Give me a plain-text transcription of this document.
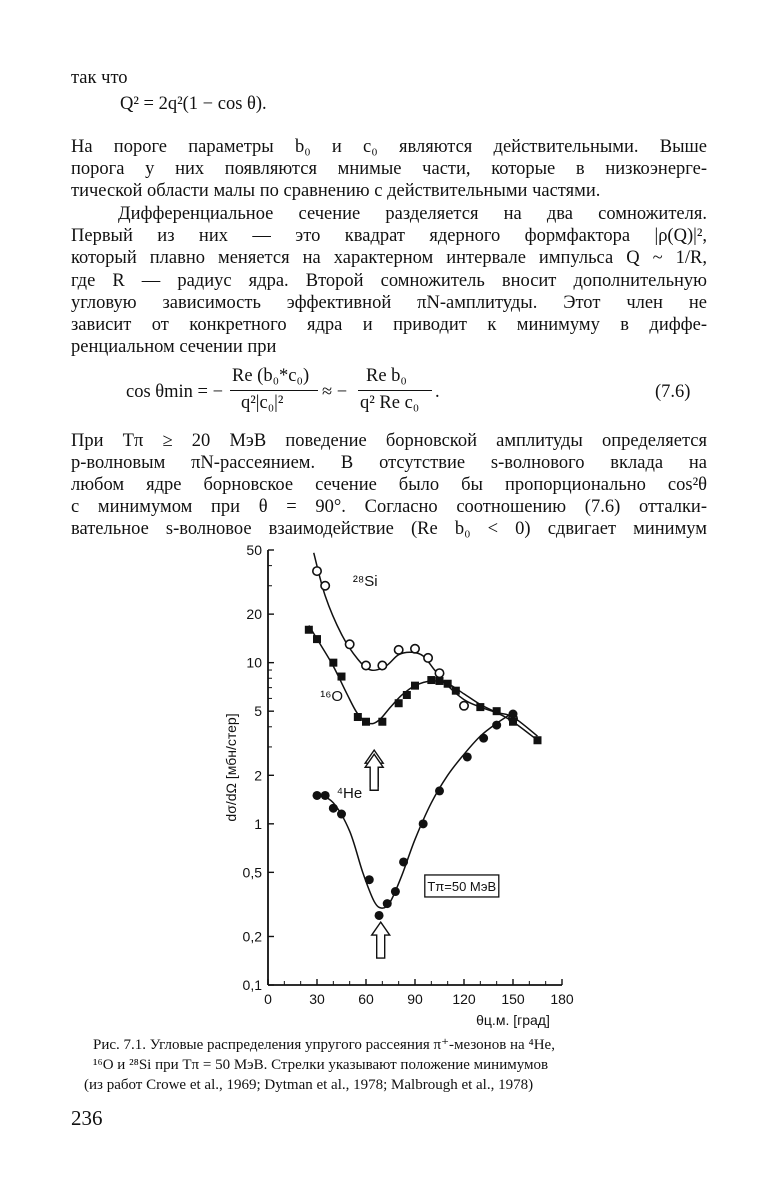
так что
Q² = 2q²(1 − cos θ).
На пороге параметры b₀ и c₀ являются действительными. Выше
порога у них появляются мнимые части, которые в низкоэнерге-
тической области малы по сравнению с действительными частями.
Дифференциальное сечение разделяется на два сомножителя.
Первый из них — это квадрат ядерного формфактора |ρ(Q)|²,
который плавно меняется на характерном интервале импульса Q ~ 1/R,
где R — радиус ядра. Второй сомножитель вносит дополнительную
угловую зависимость эффективной πN-амплитуды. Этот член не
зависит от конкретного ядра и приводит к минимуму в диффе-
ренциальном сечении при
cos θmin = −
Re (b₀*c₀)
q²|c₀|²
≈ −
Re b₀
q² Re c₀
.	(7.6)
При Tπ ≥ 20 МэВ поведение борновской амплитуды определяется
p-волновым πN-рассеянием. В отсутствие s-волнового вклада на
любом ядре борновское сечение было бы пропорционально cos²θ
с минимумом при θ = 90°. Согласно соотношению (7.6) отталки-
вательное s-волновое взаимодействие (Re b₀ < 0) сдвигает минимум
0,1
0,2
0,5
1
2
5
10
20
50
0	30 60 90 120 150 180
dσ/dΩ [мбн/стер]
θц.м. [град]
²⁸Si
¹⁶O
⁴He
Tπ=50 МэВ
Рис. 7.1. Угловые распределения упругого рассеяния π⁺-мезонов на ⁴He,
¹⁶O и ²⁸Si при Tπ = 50 МэВ. Стрелки указывают положение минимумов
(из работ Crowe et al., 1969; Dytman et al., 1978; Malbrough et al., 1978)
236
